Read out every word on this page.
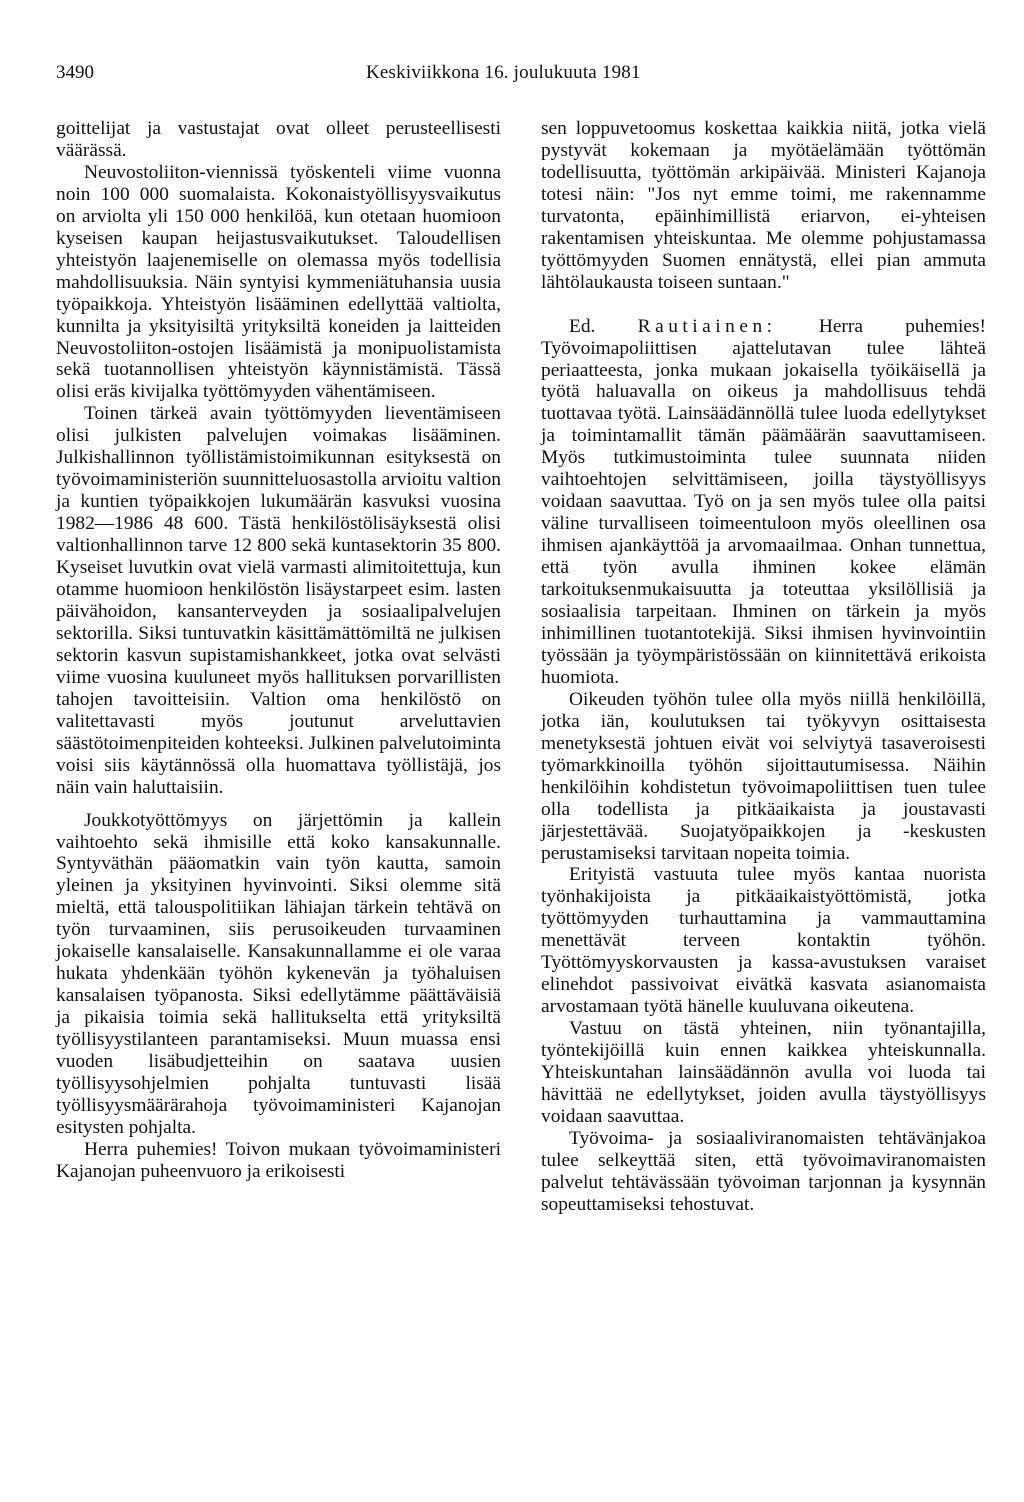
3490	Keskiviikkona 16. joulukuuta 1981

goittelijat ja vastustajat ovat olleet perusteellisesti väärässä.

Neuvostoliiton-viennissä työskenteli viime vuonna noin 100 000 suomalaista. Kokonaistyöllisyysvaikutus on arviolta yli 150 000 henkilöä, kun otetaan huomioon kyseisen kaupan heijastusvaikutukset. Taloudellisen yhteistyön laajenemiselle on olemassa myös todellisia mahdollisuuksia. Näin syntyisi kymmeniätuhansia uusia työpaikkoja. Yhteistyön lisääminen edellyttää valtiolta, kunnilta ja yksityisiltä yrityksiltä koneiden ja laitteiden Neuvostoliiton-ostojen lisäämistä ja monipuolistamista sekä tuotannollisen yhteistyön käynnistämistä. Tässä olisi eräs kivijalka työttömyyden vähentämiseen.

Toinen tärkeä avain työttömyyden lieventämiseen olisi julkisten palvelujen voimakas lisääminen. Julkishallinnon työllistämistoimikunnan esityksestä on työvoimaministeriön suunnitteluosastolla arvioitu valtion ja kuntien työpaikkojen lukumäärän kasvuksi vuosina 1982—1986 48 600. Tästä henkilöstölisäyksestä olisi valtionhallinnon tarve 12 800 sekä kuntasektorin 35 800. Kyseiset luvutkin ovat vielä varmasti alimitoitettuja, kun otamme huomioon henkilöstön lisäystarpeet esim. lasten päivähoidon, kansanterveyden ja sosiaalipalvelujen sektorilla. Siksi tuntuvatkin käsittämättömiltä ne julkisen sektorin kasvun supistamishankkeet, jotka ovat selvästi viime vuosina kuuluneet myös hallituksen porvarillisten tahojen tavoitteisiin. Valtion oma henkilöstö on valitettavasti myös joutunut arveluttavien säästötoimenpiteiden kohteeksi. Julkinen palvelutoiminta voisi siis käytännössä olla huomattava työllistäjä, jos näin vain haluttaisiin.

Joukkotyöttömyys on järjettömin ja kallein vaihtoehto sekä ihmisille että koko kansakunnalle. Syntyväthän pääomatkin vain työn kautta, samoin yleinen ja yksityinen hyvinvointi. Siksi olemme sitä mieltä, että talouspolitiikan lähiajan tärkein tehtävä on työn turvaaminen, siis perusoikeuden turvaaminen jokaiselle kansalaiselle. Kansakunnallamme ei ole varaa hukata yhdenkään työhön kykenevän ja työhaluisen kansalaisen työpanosta. Siksi edellytämme päättäväisiä ja pikaisia toimia sekä hallitukselta että yrityksiltä työllisyystilanteen parantamiseksi. Muun muassa ensi vuoden lisäbudjetteihin on saatava uusien työllisyysohjelmien pohjalta tuntuvasti lisää työllisyysmäärärahoja työvoimaministeri Kajanojan esitysten pohjalta.

Herra puhemies! Toivon mukaan työvoimaministeri Kajanojan puheenvuoro ja erikoisesti

sen loppuvetoomus koskettaa kaikkia niitä, jotka vielä pystyvät kokemaan ja myötäelämään työttömän todellisuutta, työttömän arkipäivää. Ministeri Kajanoja totesi näin: "Jos nyt emme toimi, me rakennamme turvatonta, epäinhimillistä eriarvon, ei-yhteisen rakentamisen yhteiskuntaa. Me olemme pohjustamassa työttömyyden Suomen ennätystä, ellei pian ammuta lähtölaukausta toiseen suntaan."

Ed. Rautiainen: Herra puhemies! Työvoimapoliittisen ajattelutavan tulee lähteä periaatteesta, jonka mukaan jokaisella työikäisellä ja työtä haluavalla on oikeus ja mahdollisuus tehdä tuottavaa työtä. Lainsäädännöllä tulee luoda edellytykset ja toimintamallit tämän päämäärän saavuttamiseen. Myös tutkimustoiminta tulee suunnata niiden vaihtoehtojen selvittämiseen, joilla täystyöllisyys voidaan saavuttaa. Työ on ja sen myös tulee olla paitsi väline turvalliseen toimeentuloon myös oleellinen osa ihmisen ajankäyttöä ja arvomaailmaa. Onhan tunnettua, että työn avulla ihminen kokee elämän tarkoituksenmukaisuutta ja toteuttaa yksilöllisiä ja sosiaalisia tarpeitaan. Ihminen on tärkein ja myös inhimillinen tuotantotekijä. Siksi ihmisen hyvinvointiin työssään ja työympäristössään on kiinnitettävä erikoista huomiota.

Oikeuden työhön tulee olla myös niillä henkilöillä, jotka iän, koulutuksen tai työkyvyn osittaisesta menetyksestä johtuen eivät voi selviytyä tasaveroisesti työmarkkinoilla työhön sijoittautumisessa. Näihin henkilöihin kohdistetun työvoimapoliittisen tuen tulee olla todellista ja pitkäaikaista ja joustavasti järjestettävää. Suojatyöpaikkojen ja -keskusten perustamiseksi tarvitaan nopeita toimia.

Erityistä vastuuta tulee myös kantaa nuorista työnhakijoista ja pitkäaikaistyöttömistä, jotka työttömyyden turhauttamina ja vammauttamina menettävät terveen kontaktin työhön. Työttömyyskorvausten ja kassa-avustuksen varaiset elinehdot passivoivat eivätkä kasvata asianomaista arvostamaan työtä hänelle kuuluvana oikeutena.

Vastuu on tästä yhteinen, niin työnantajilla, työntekijöillä kuin ennen kaikkea yhteiskunnalla. Yhteiskuntahan lainsäädännön avulla voi luoda tai hävittää ne edellytykset, joiden avulla täystyöllisyys voidaan saavuttaa.

Työvoima- ja sosiaaliviranomaisten tehtävänjakoa tulee selkeyttää siten, että työvoimaviranomaisten palvelut tehtävässään työvoiman tarjonnan ja kysynnän sopeuttamiseksi tehostuvat.
